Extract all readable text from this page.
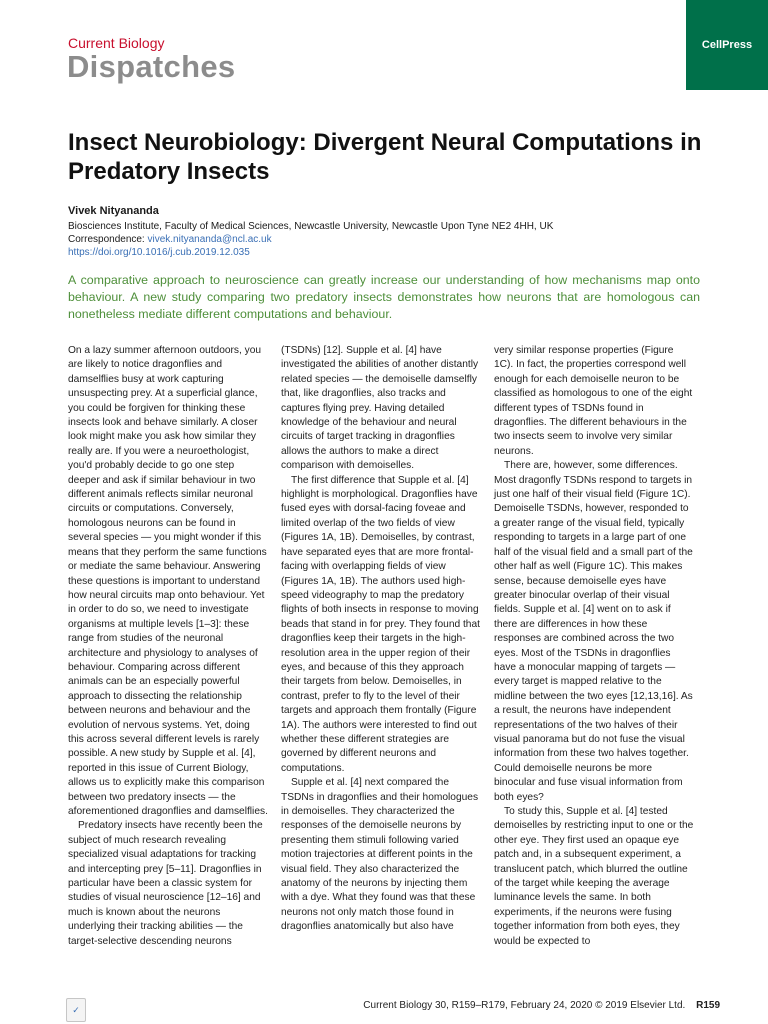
Current Biology
Dispatches
CellPress
Insect Neurobiology: Divergent Neural Computations in Predatory Insects
Vivek Nityananda
Biosciences Institute, Faculty of Medical Sciences, Newcastle University, Newcastle Upon Tyne NE2 4HH, UK
Correspondence: vivek.nityananda@ncl.ac.uk
https://doi.org/10.1016/j.cub.2019.12.035
A comparative approach to neuroscience can greatly increase our understanding of how mechanisms map onto behaviour. A new study comparing two predatory insects demonstrates how neurons that are homologous can nonetheless mediate different computations and behaviour.

On a lazy summer afternoon outdoors, you are likely to notice dragonflies and damselflies busy at work capturing unsuspecting prey. At a superficial glance, you could be forgiven for thinking these insects look and behave similarly. A closer look might make you ask how similar they really are. If you were a neuroethologist, you'd probably decide to go one step deeper and ask if similar behaviour in two different animals reflects similar neuronal circuits or computations. Conversely, homologous neurons can be found in several species — you might wonder if this means that they perform the same functions or mediate the same behaviour. Answering these questions is important to understand how neural circuits map onto behaviour. Yet in order to do so, we need to investigate organisms at multiple levels [1–3]: these range from studies of the neuronal architecture and physiology to analyses of behaviour. Comparing across different animals can be an especially powerful approach to dissecting the relationship between neurons and behaviour and the evolution of nervous systems. Yet, doing this across several different levels is rarely possible. A new study by Supple et al. [4], reported in this issue of Current Biology, allows us to explicitly make this comparison between two predatory insects — the aforementioned dragonflies and damselflies.

Predatory insects have recently been the subject of much research revealing specialized visual adaptations for tracking and intercepting prey [5–11]. Dragonflies in particular have been a classic system for studies of visual neuroscience [12–16] and much is known about the neurons underlying their tracking abilities — the target-selective descending neurons

(TSDNs) [12]. Supple et al. [4] have investigated the abilities of another distantly related species — the demoiselle damselfly that, like dragonflies, also tracks and captures flying prey. Having detailed knowledge of the behaviour and neural circuits of target tracking in dragonflies allows the authors to make a direct comparison with demoiselles.

The first difference that Supple et al. [4] highlight is morphological. Dragonflies have fused eyes with dorsal-facing foveae and limited overlap of the two fields of view (Figures 1A, 1B). Demoiselles, by contrast, have separated eyes that are more frontal-facing with overlapping fields of view (Figures 1A, 1B). The authors used high-speed videography to map the predatory flights of both insects in response to moving beads that stand in for prey. They found that dragonflies keep their targets in the high-resolution area in the upper region of their eyes, and because of this they approach their targets from below. Demoiselles, in contrast, prefer to fly to the level of their targets and approach them frontally (Figure 1A). The authors were interested to find out whether these different strategies are governed by different neurons and computations.

Supple et al. [4] next compared the TSDNs in dragonflies and their homologues in demoiselles. They characterized the responses of the demoiselle neurons by presenting them stimuli following varied motion trajectories at different points in the visual field. They also characterized the anatomy of the neurons by injecting them with a dye. What they found was that these neurons not only match those found in dragonflies anatomically but also have

very similar response properties (Figure 1C). In fact, the properties correspond well enough for each demoiselle neuron to be classified as homologous to one of the eight different types of TSDNs found in dragonflies. The different behaviours in the two insects seem to involve very similar neurons.

There are, however, some differences. Most dragonfly TSDNs respond to targets in just one half of their visual field (Figure 1C). Demoiselle TSDNs, however, responded to a greater range of the visual field, typically responding to targets in a large part of one half of the visual field and a small part of the other half as well (Figure 1C). This makes sense, because demoiselle eyes have greater binocular overlap of their visual fields. Supple et al. [4] went on to ask if there are differences in how these responses are combined across the two eyes. Most of the TSDNs in dragonflies have a monocular mapping of targets — every target is mapped relative to the midline between the two eyes [12,13,16]. As a result, the neurons have independent representations of the two halves of their visual panorama but do not fuse the visual information from these two halves together. Could demoiselle neurons be more binocular and fuse visual information from both eyes?

To study this, Supple et al. [4] tested demoiselles by restricting input to one or the other eye. They first used an opaque eye patch and, in a subsequent experiment, a translucent patch, which blurred the outline of the target while keeping the average luminance levels the same. In both experiments, if the neurons were fusing together information from both eyes, they would be expected to

✓	Current Biology 30, R159–R179, February 24, 2020 © 2019 Elsevier Ltd. R159
